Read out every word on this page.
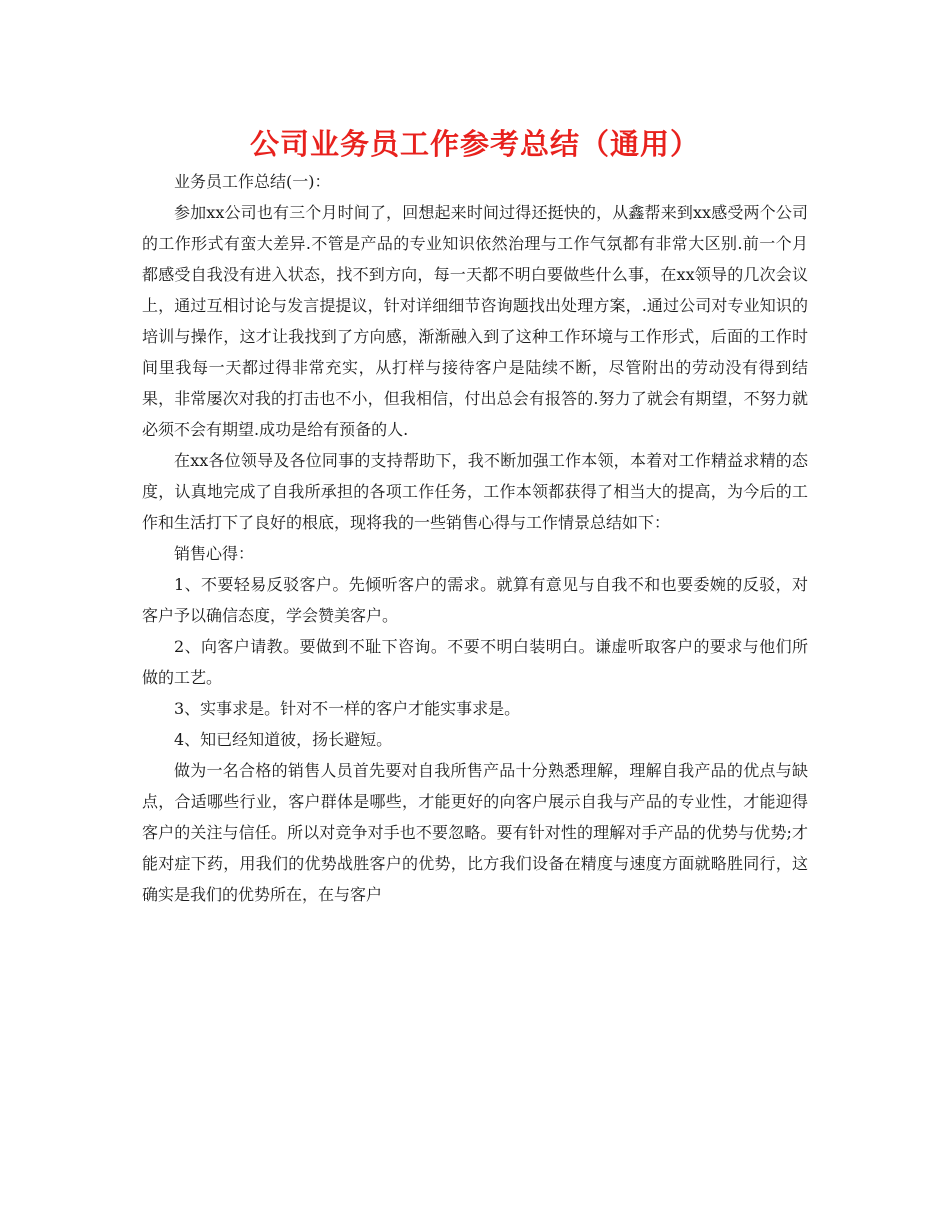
公司业务员工作参考总结（通用）

业务员工作总结(一)：

参加xx公司也有三个月时间了，回想起来时间过得还挺快的，从鑫帮来到xx感受两个公司的工作形式有蛮大差异.不管是产品的专业知识依然治理与工作气氛都有非常大区别.前一个月都感受自我没有进入状态，找不到方向，每一天都不明白要做些什么事，在xx领导的几次会议上，通过互相讨论与发言提提议，针对详细细节咨询题找出处理方案，.通过公司对专业知识的培训与操作，这才让我找到了方向感，渐渐融入到了这种工作环境与工作形式，后面的工作时间里我每一天都过得非常充实，从打样与接待客户是陆续不断，尽管附出的劳动没有得到结果，非常屡次对我的打击也不小，但我相信，付出总会有报答的.努力了就会有期望，不努力就必须不会有期望.成功是给有预备的人.

在xx各位领导及各位同事的支持帮助下，我不断加强工作本领，本着对工作精益求精的态度，认真地完成了自我所承担的各项工作任务，工作本领都获得了相当大的提高，为今后的工作和生活打下了良好的根底，现将我的一些销售心得与工作情景总结如下：

销售心得：

1、不要轻易反驳客户。先倾听客户的需求。就算有意见与自我不和也要委婉的反驳，对客户予以确信态度，学会赞美客户。

2、向客户请教。要做到不耻下咨询。不要不明白装明白。谦虚听取客户的要求与他们所做的工艺。

3、实事求是。针对不一样的客户才能实事求是。

4、知已经知道彼，扬长避短。

做为一名合格的销售人员首先要对自我所售产品十分熟悉理解，理解自我产品的优点与缺点，合适哪些行业，客户群体是哪些，才能更好的向客户展示自我与产品的专业性，才能迎得客户的关注与信任。所以对竞争对手也不要忽略。要有针对性的理解对手产品的优势与优势;才能对症下药，用我们的优势战胜客户的优势，比方我们设备在精度与速度方面就略胜同行，这确实是我们的优势所在，在与客户
